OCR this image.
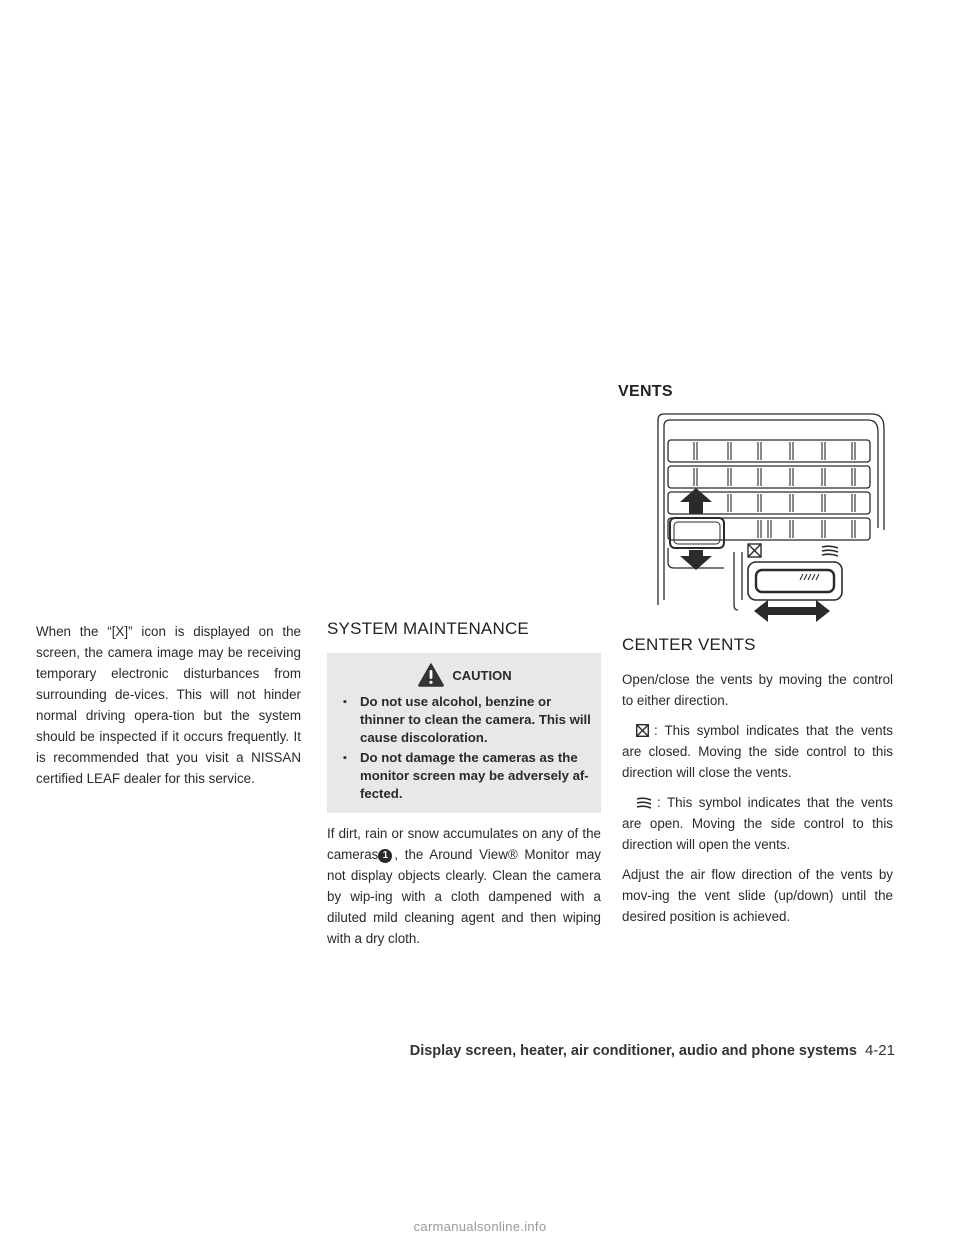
When the “[X]” icon is displayed on the screen, the camera image may be receiving temporary electronic disturbances from surrounding de-vices. This will not hinder normal driving opera-tion but the system should be inspected if it occurs frequently. It is recommended that you visit a NISSAN certified LEAF dealer for this service.

SYSTEM MAINTENANCE
CAUTION
▪ Do not use alcohol, benzine or thinner to clean the camera. This will cause discoloration.
▪ Do not damage the cameras as the monitor screen may be adversely af-fected.

If dirt, rain or snow accumulates on any of the cameras 1 , the Around View® Monitor may not display objects clearly. Clean the camera by wip-ing with a cloth dampened with a diluted mild cleaning agent and then wiping with a dry cloth.

VENTS
CENTER VENTS

Open/close the vents by moving the control to either direction.

: This symbol indicates that the vents are closed. Moving the side control to this direction will close the vents.

: This symbol indicates that the vents are open. Moving the side control to this direction will open the vents.

Adjust the air flow direction of the vents by mov-ing the vent slide (up/down) until the desired position is achieved.

Display screen, heater, air conditioner, audio and phone systems 4-21
carmanualsonline.info
